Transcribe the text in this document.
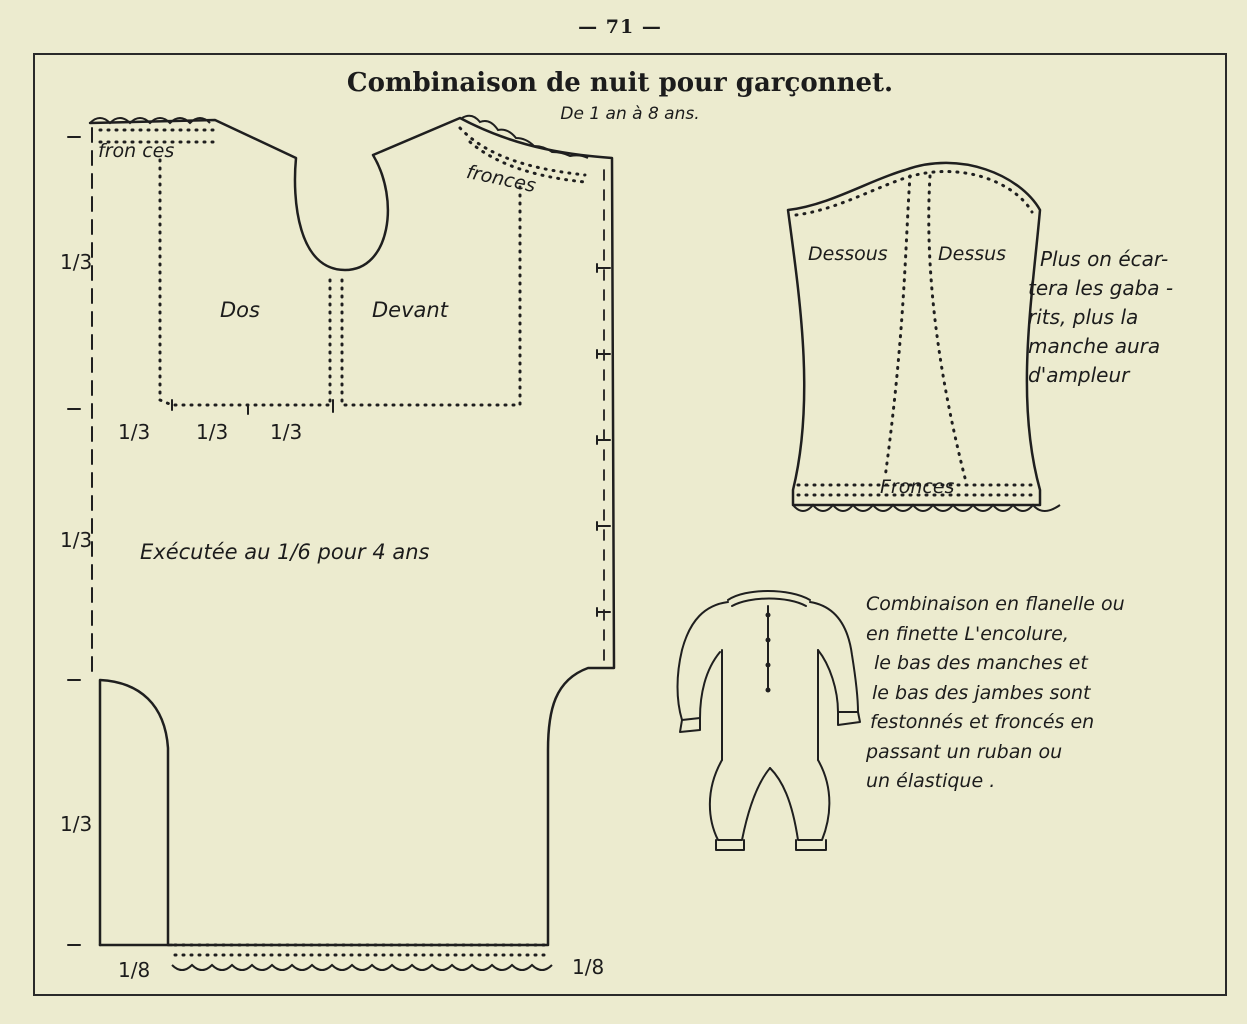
— 71 —
Combinaison de nuit pour garçonnet.
De 1 an à 8 ans.
fron ces
fronces
Dos	Devant
Exécutée au 1/6 pour 4 ans
1/3
1/3
1/3
1/3 1/3 1/3
1/8	1/8
Dessous	Dessus
Fronces
Plus on écar-
tera les gaba -
rits, plus la
manche aura
d'ampleur
Combinaison en flanelle ou
en finette L'encolure,
le bas des manches et
le bas des jambes sont
festonnés et froncés en
passant un ruban ou
un élastique .
